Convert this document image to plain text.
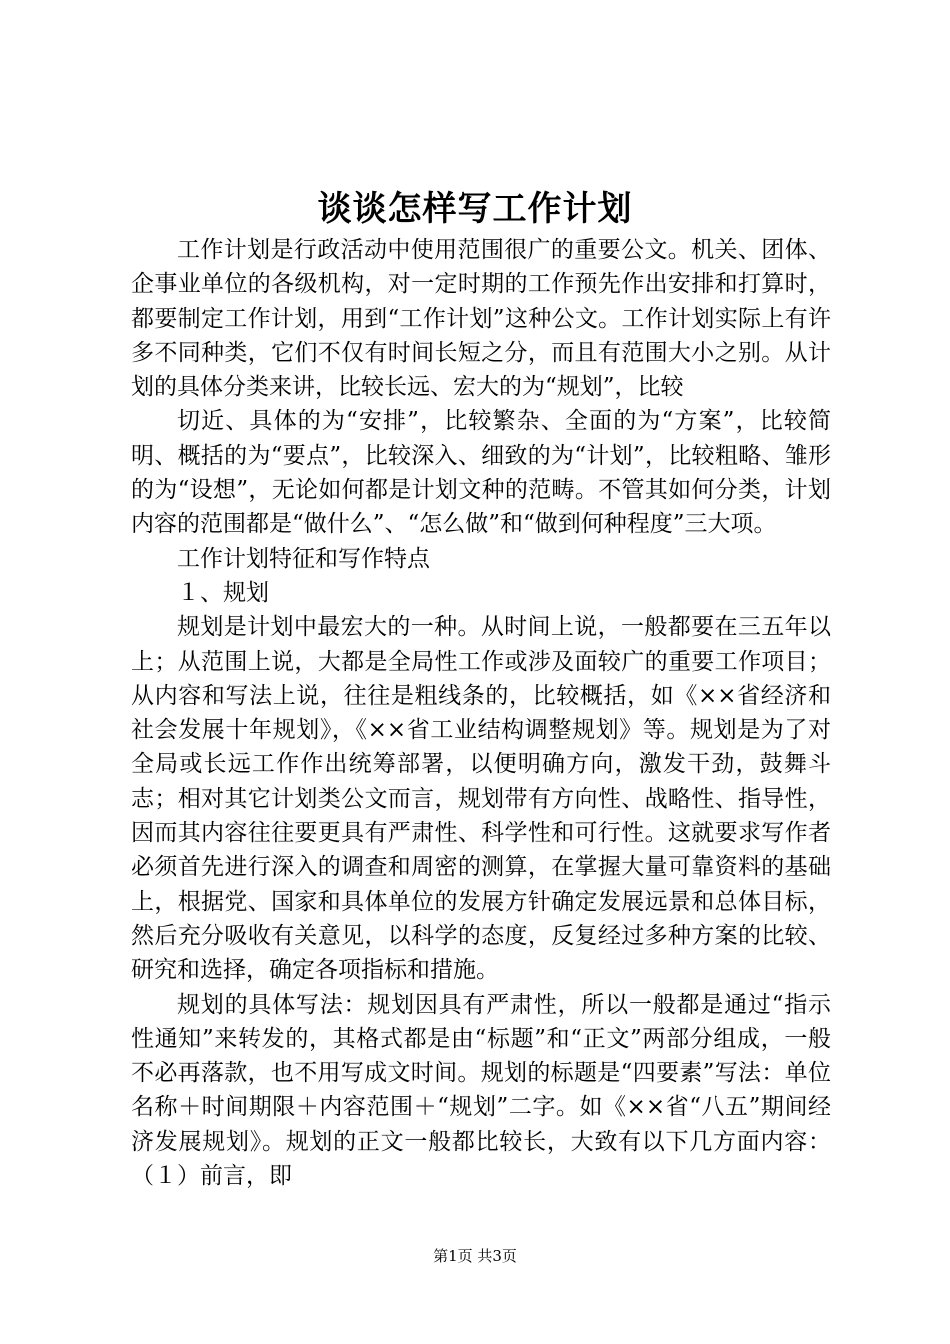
谈谈怎样写工作计划

工作计划是行政活动中使用范围很广的重要公文。机关、团体、企事业单位的各级机构，对一定时期的工作预先作出安排和打算时，都要制定工作计划，用到“工作计划”这种公文。工作计划实际上有许多不同种类，它们不仅有时间长短之分，而且有范围大小之别。从计划的具体分类来讲，比较长远、宏大的为“规划”，比较

切近、具体的为“安排”，比较繁杂、全面的为“方案”，比较简明、概括的为“要点”，比较深入、细致的为“计划”，比较粗略、雏形的为“设想”，无论如何都是计划文种的范畴。不管其如何分类，计划内容的范围都是“做什么”、“怎么做”和“做到何种程度”三大项。

工作计划特征和写作特点

１、规划

规划是计划中最宏大的一种。从时间上说，一般都要在三五年以上；从范围上说，大都是全局性工作或涉及面较广的重要工作项目；从内容和写法上说，往往是粗线条的，比较概括，如《××省经济和社会发展十年规划》，《××省工业结构调整规划》等。规划是为了对全局或长远工作作出统筹部署，以便明确方向，激发干劲，鼓舞斗志；相对其它计划类公文而言，规划带有方向性、战略性、指导性，因而其内容往往要更具有严肃性、科学性和可行性。这就要求写作者必须首先进行深入的调查和周密的测算，在掌握大量可靠资料的基础上，根据党、国家和具体单位的发展方针确定发展远景和总体目标，然后充分吸收有关意见，以科学的态度，反复经过多种方案的比较、研究和选择，确定各项指标和措施。

规划的具体写法：规划因具有严肃性，所以一般都是通过“指示性通知”来转发的，其格式都是由“标题”和“正文”两部分组成，一般不必再落款，也不用写成文时间。规划的标题是“四要素”写法：单位名称＋时间期限＋内容范围＋“规划”二字。如《××省“八五”期间经济发展规划》。规划的正文一般都比较长，大致有以下几方面内容：（１）前言，即

第1页 共3页
